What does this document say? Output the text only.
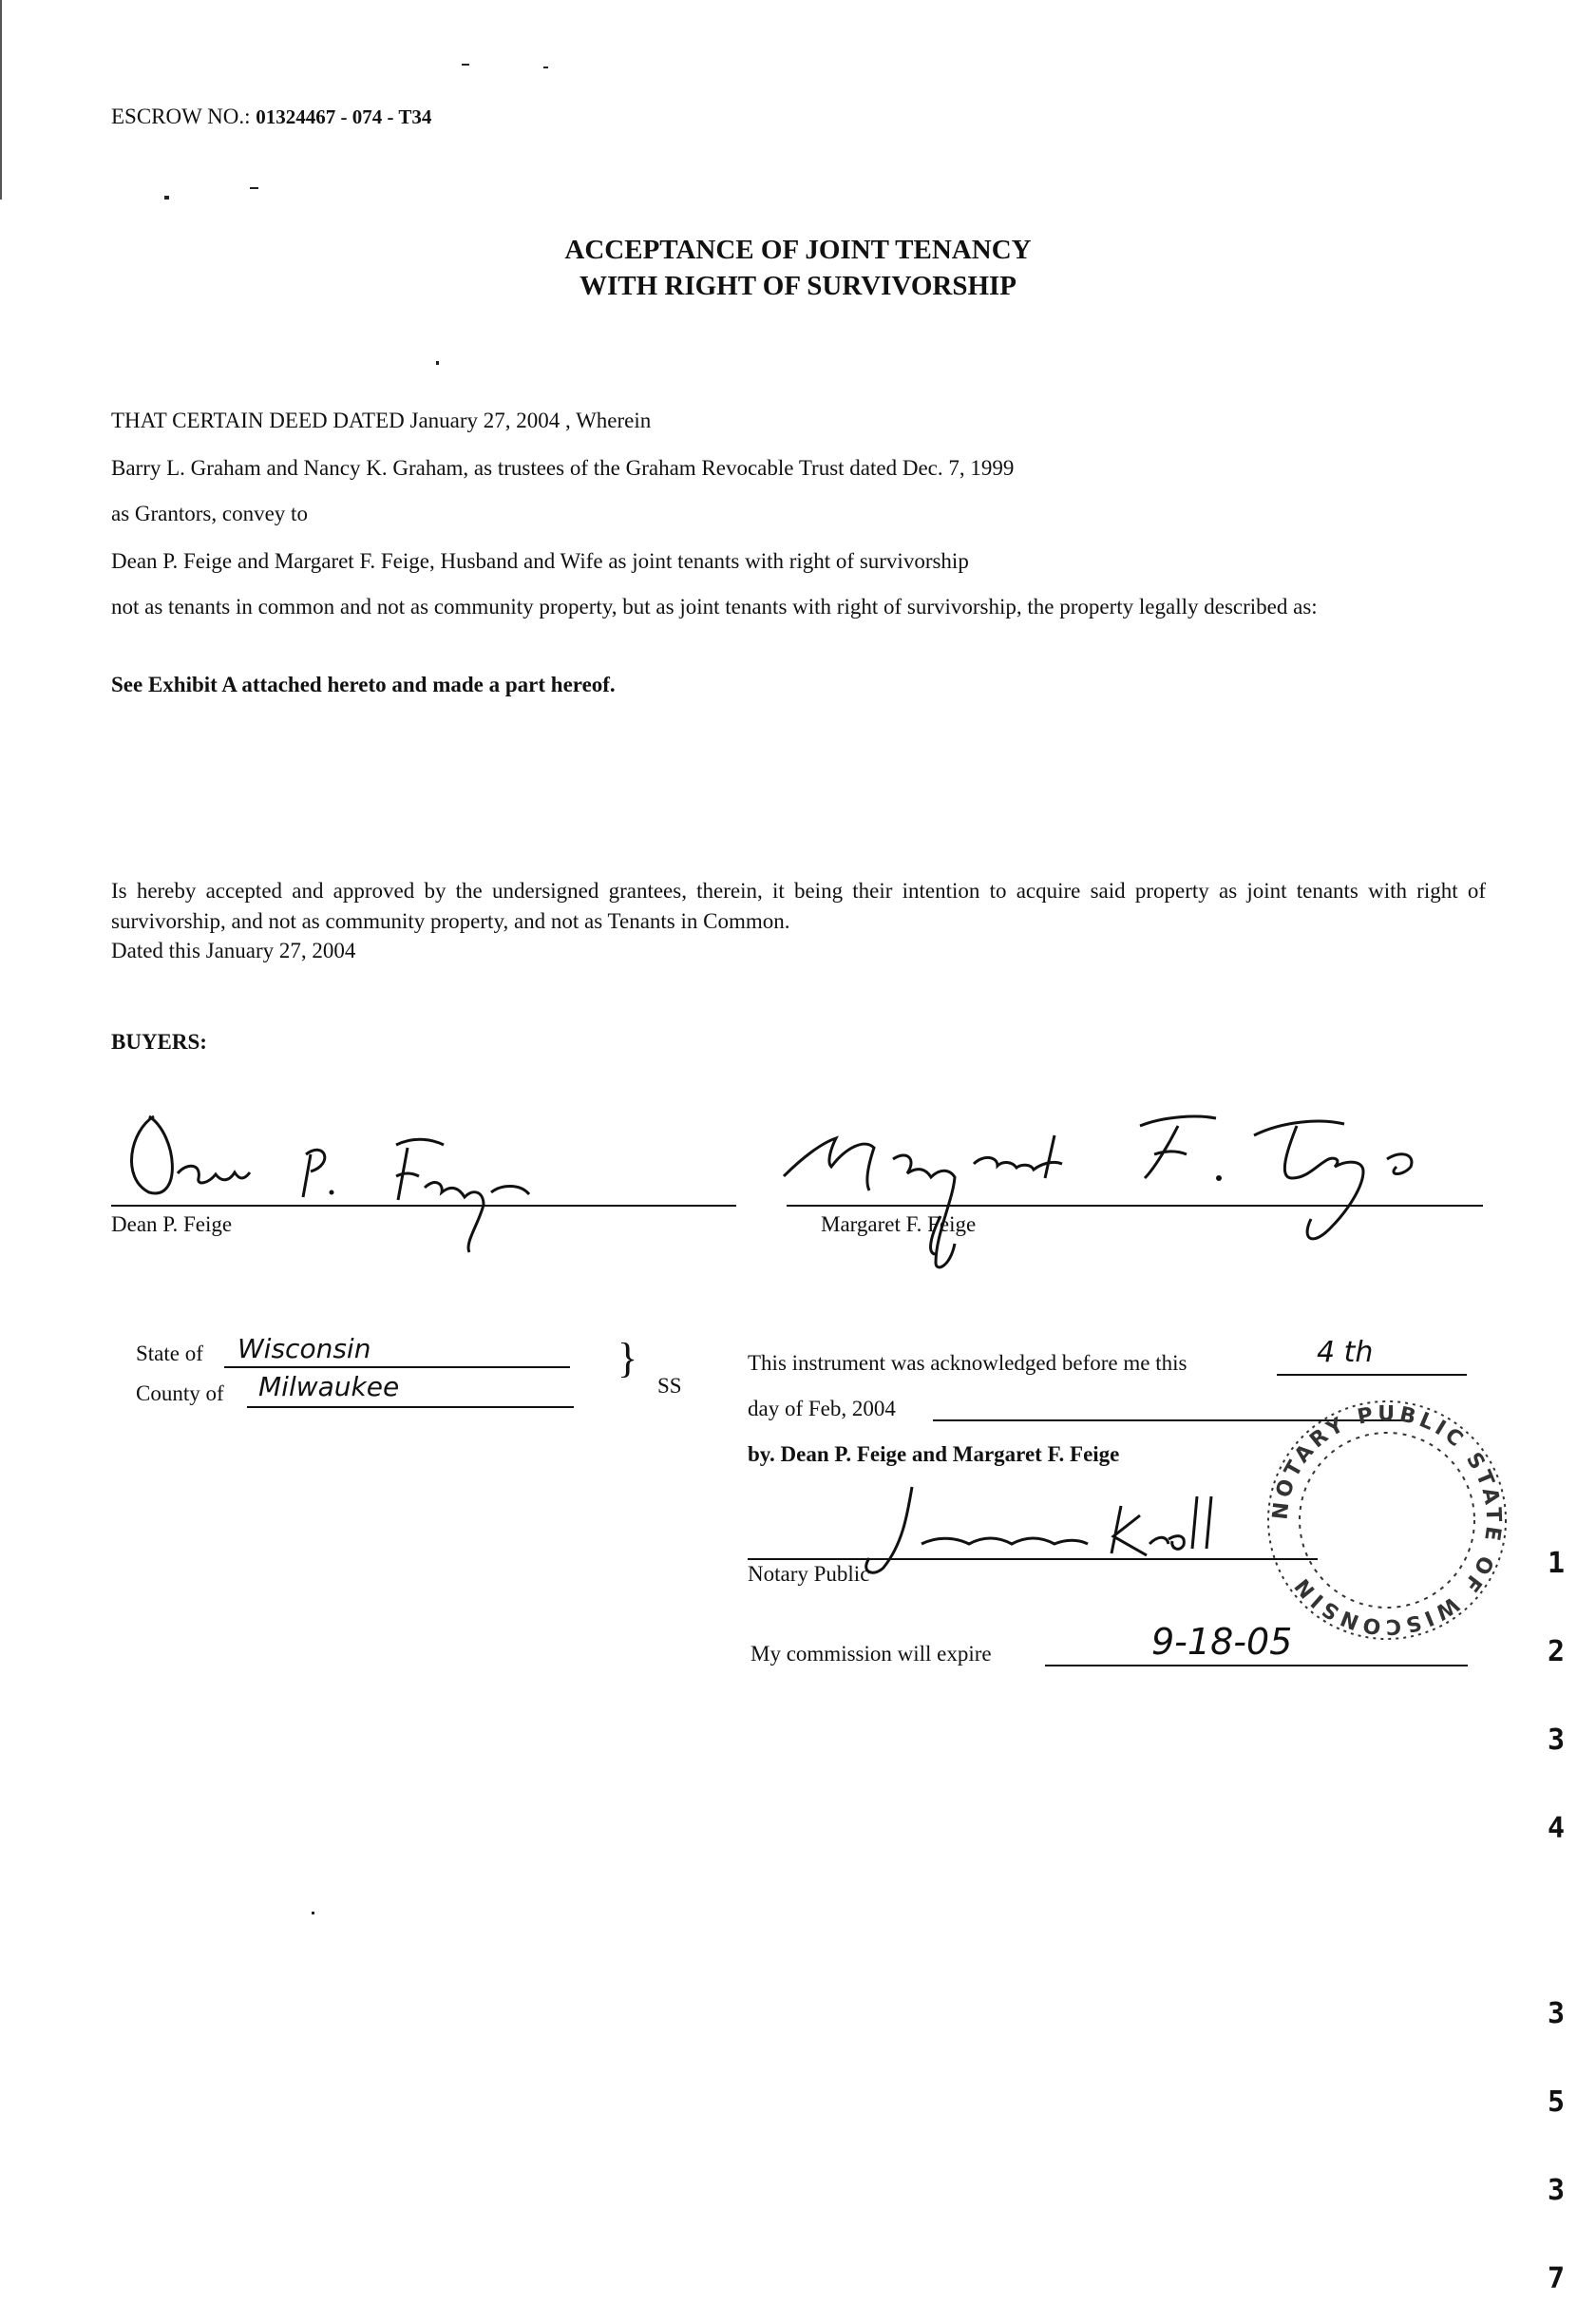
ESCROW NO.: 01324467 - 074 - T34
ACCEPTANCE OF JOINT TENANCY
WITH RIGHT OF SURVIVORSHIP
THAT CERTAIN DEED DATED January 27, 2004 , Wherein
Barry L. Graham and Nancy K. Graham, as trustees of the Graham Revocable Trust dated Dec. 7, 1999
as Grantors, convey to
Dean P. Feige and Margaret F. Feige, Husband and Wife as joint tenants with right of survivorship
not as tenants in common and not as community property, but as joint tenants with right of survivorship, the property legally described as:
See Exhibit A attached hereto and made a part hereof.
Is hereby accepted and approved by the undersigned grantees, therein, it being their intention to acquire said property as joint tenants with right of survivorship, and not as community property, and not as Tenants in Common.
Dated this January 27, 2004
BUYERS:
Dean P. Feige	Margaret F. Feige
State of Wisconsin
County of Milwaukee
}
SS
This instrument was acknowledged before me this	4 th
day of Feb, 2004
by. Dean P. Feige and Margaret F. Feige
Notary Public
My commission will expire	9-18-05
NOTARY PUBLIC STATE OF WISCONSIN

1

2

3

4

3

5

3

7
